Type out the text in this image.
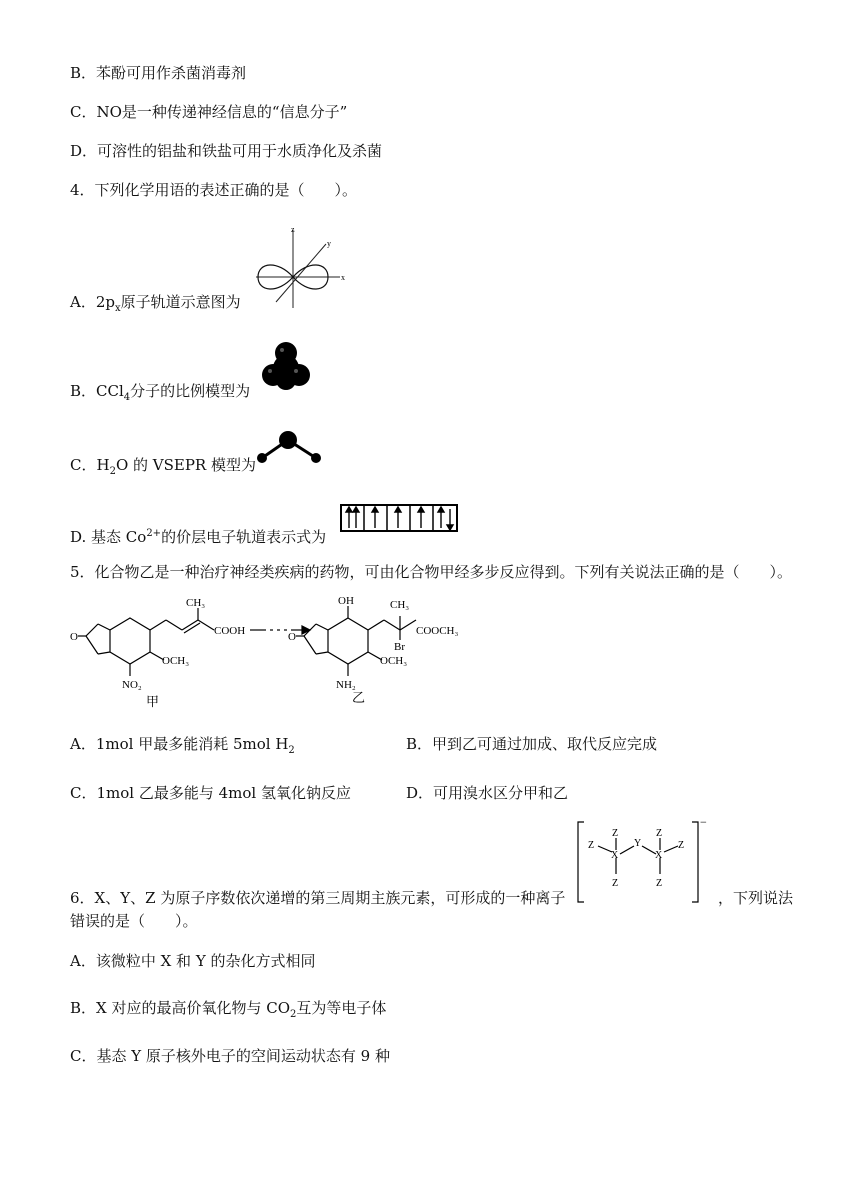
B．苯酚可用作杀菌消毒剂
C．NO是一种传递神经信息的“信息分子”
D．可溶性的铝盐和铁盐可用于水质净化及杀菌
4．下列化学用语的表述正确的是（　　）。
A．$2p_x$原子轨道示意图为
z
y
x
B．CCl$_4$分子的比例模型为
C．$H_2O$ 的 VSEPR 模型为
D. 基态 $Co^{2+}$的价层电子轨道表示式为
5．化合物乙是一种治疗神经类疾病的药物，可由化合物甲经多步反应得到。下列有关说法正确的是（　　）。
O
CH₃
COOH
OCH₃
NO₂
甲
OH	CH₃
Br
COOCH₃
O
OCH₃
NH₂
乙
A．1mol 甲最多能消耗 5mol $H_2$	B．甲到乙可通过加成、取代反应完成
C．1mol 乙最多能与 4mol 氢氧化钠反应	D．可用溴水区分甲和乙
Z
Z
X
Z
Y
Z
X
Z
Z
−
6．X、Y、Z 为原子序数依次递增的第三周期主族元素，可形成的一种离子	，下列说法
错误的是（　　）。
A．该微粒中 X 和 Y 的杂化方式相同
B．X 对应的最高价氧化物与 $CO_2$互为等电子体
C．基态 Y 原子核外电子的空间运动状态有 9 种
